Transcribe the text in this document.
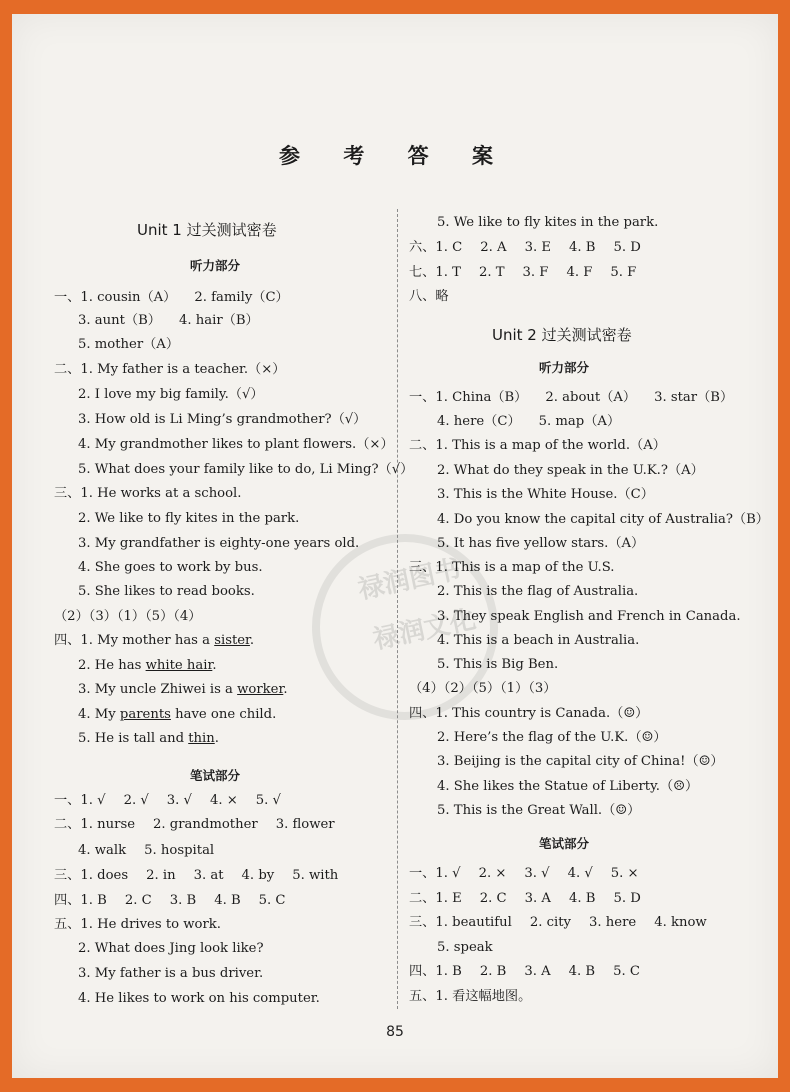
参 考 答 案
禄润图书
禄润文化
Unit 1 过关测试密卷
听力部分
笔试部分
一、1. cousin（A） 2. family（C）
3. aunt（B） 4. hair（B）
5. mother（A）
二、1. My father is a teacher.（×）
2. I love my big family.（√）
3. How old is Li Ming’s grandmother?（√）
4. My grandmother likes to plant flowers.（×）
5. What does your family like to do, Li Ming?（√）
三、1. He works at a school.
2. We like to fly kites in the park.
3. My grandfather is eighty-one years old.
4. She goes to work by bus.
5. She likes to read books.
（2）（3）（1）（5）（4）
四、1. My mother has a sister.
2. He has white hair.
3. My uncle Zhiwei is a worker.
4. My parents have one child.
5. He is tall and thin.
一、1. √ 2. √ 3. √ 4. × 5. √
二、1. nurse 2. grandmother 3. flower
4. walk 5. hospital
三、1. does 2. in 3. at 4. by 5. with
四、1. B 2. C 3. B 4. B 5. C
五、1. He drives to work.
2. What does Jing look like?
3. My father is a bus driver.
4. He likes to work on his computer.
5. We like to fly kites in the park.
六、1. C 2. A 3. E 4. B 5. D
七、1. T 2. T 3. F 4. F 5. F
八、略
Unit 2 过关测试密卷
听力部分
笔试部分
一、1. China（B） 2. about（A） 3. star（B）
4. here（C） 5. map（A）
二、1. This is a map of the world.（A）
2. What do they speak in the U.K.?（A）
3. This is the White House.（C）
4. Do you know the capital city of Australia?（B）
5. It has five yellow stars.（A）
三、1. This is a map of the U.S.
2. This is the flag of Australia.
3. They speak English and French in Canada.
4. This is a beach in Australia.
5. This is Big Ben.
（4）（2）（5）（1）（3）
四、1. This country is Canada.（☺）
2. Here’s the flag of the U.K.（☺）
3. Beijing is the capital city of China!（☺）
4. She likes the Statue of Liberty.（☹）
5. This is the Great Wall.（☺）
一、1. √ 2. × 3. √ 4. √ 5. ×
二、1. E 2. C 3. A 4. B 5. D
三、1. beautiful 2. city 3. here 4. know
5. speak
四、1. B 2. B 3. A 4. B 5. C
五、1. 看这幅地图。
85
